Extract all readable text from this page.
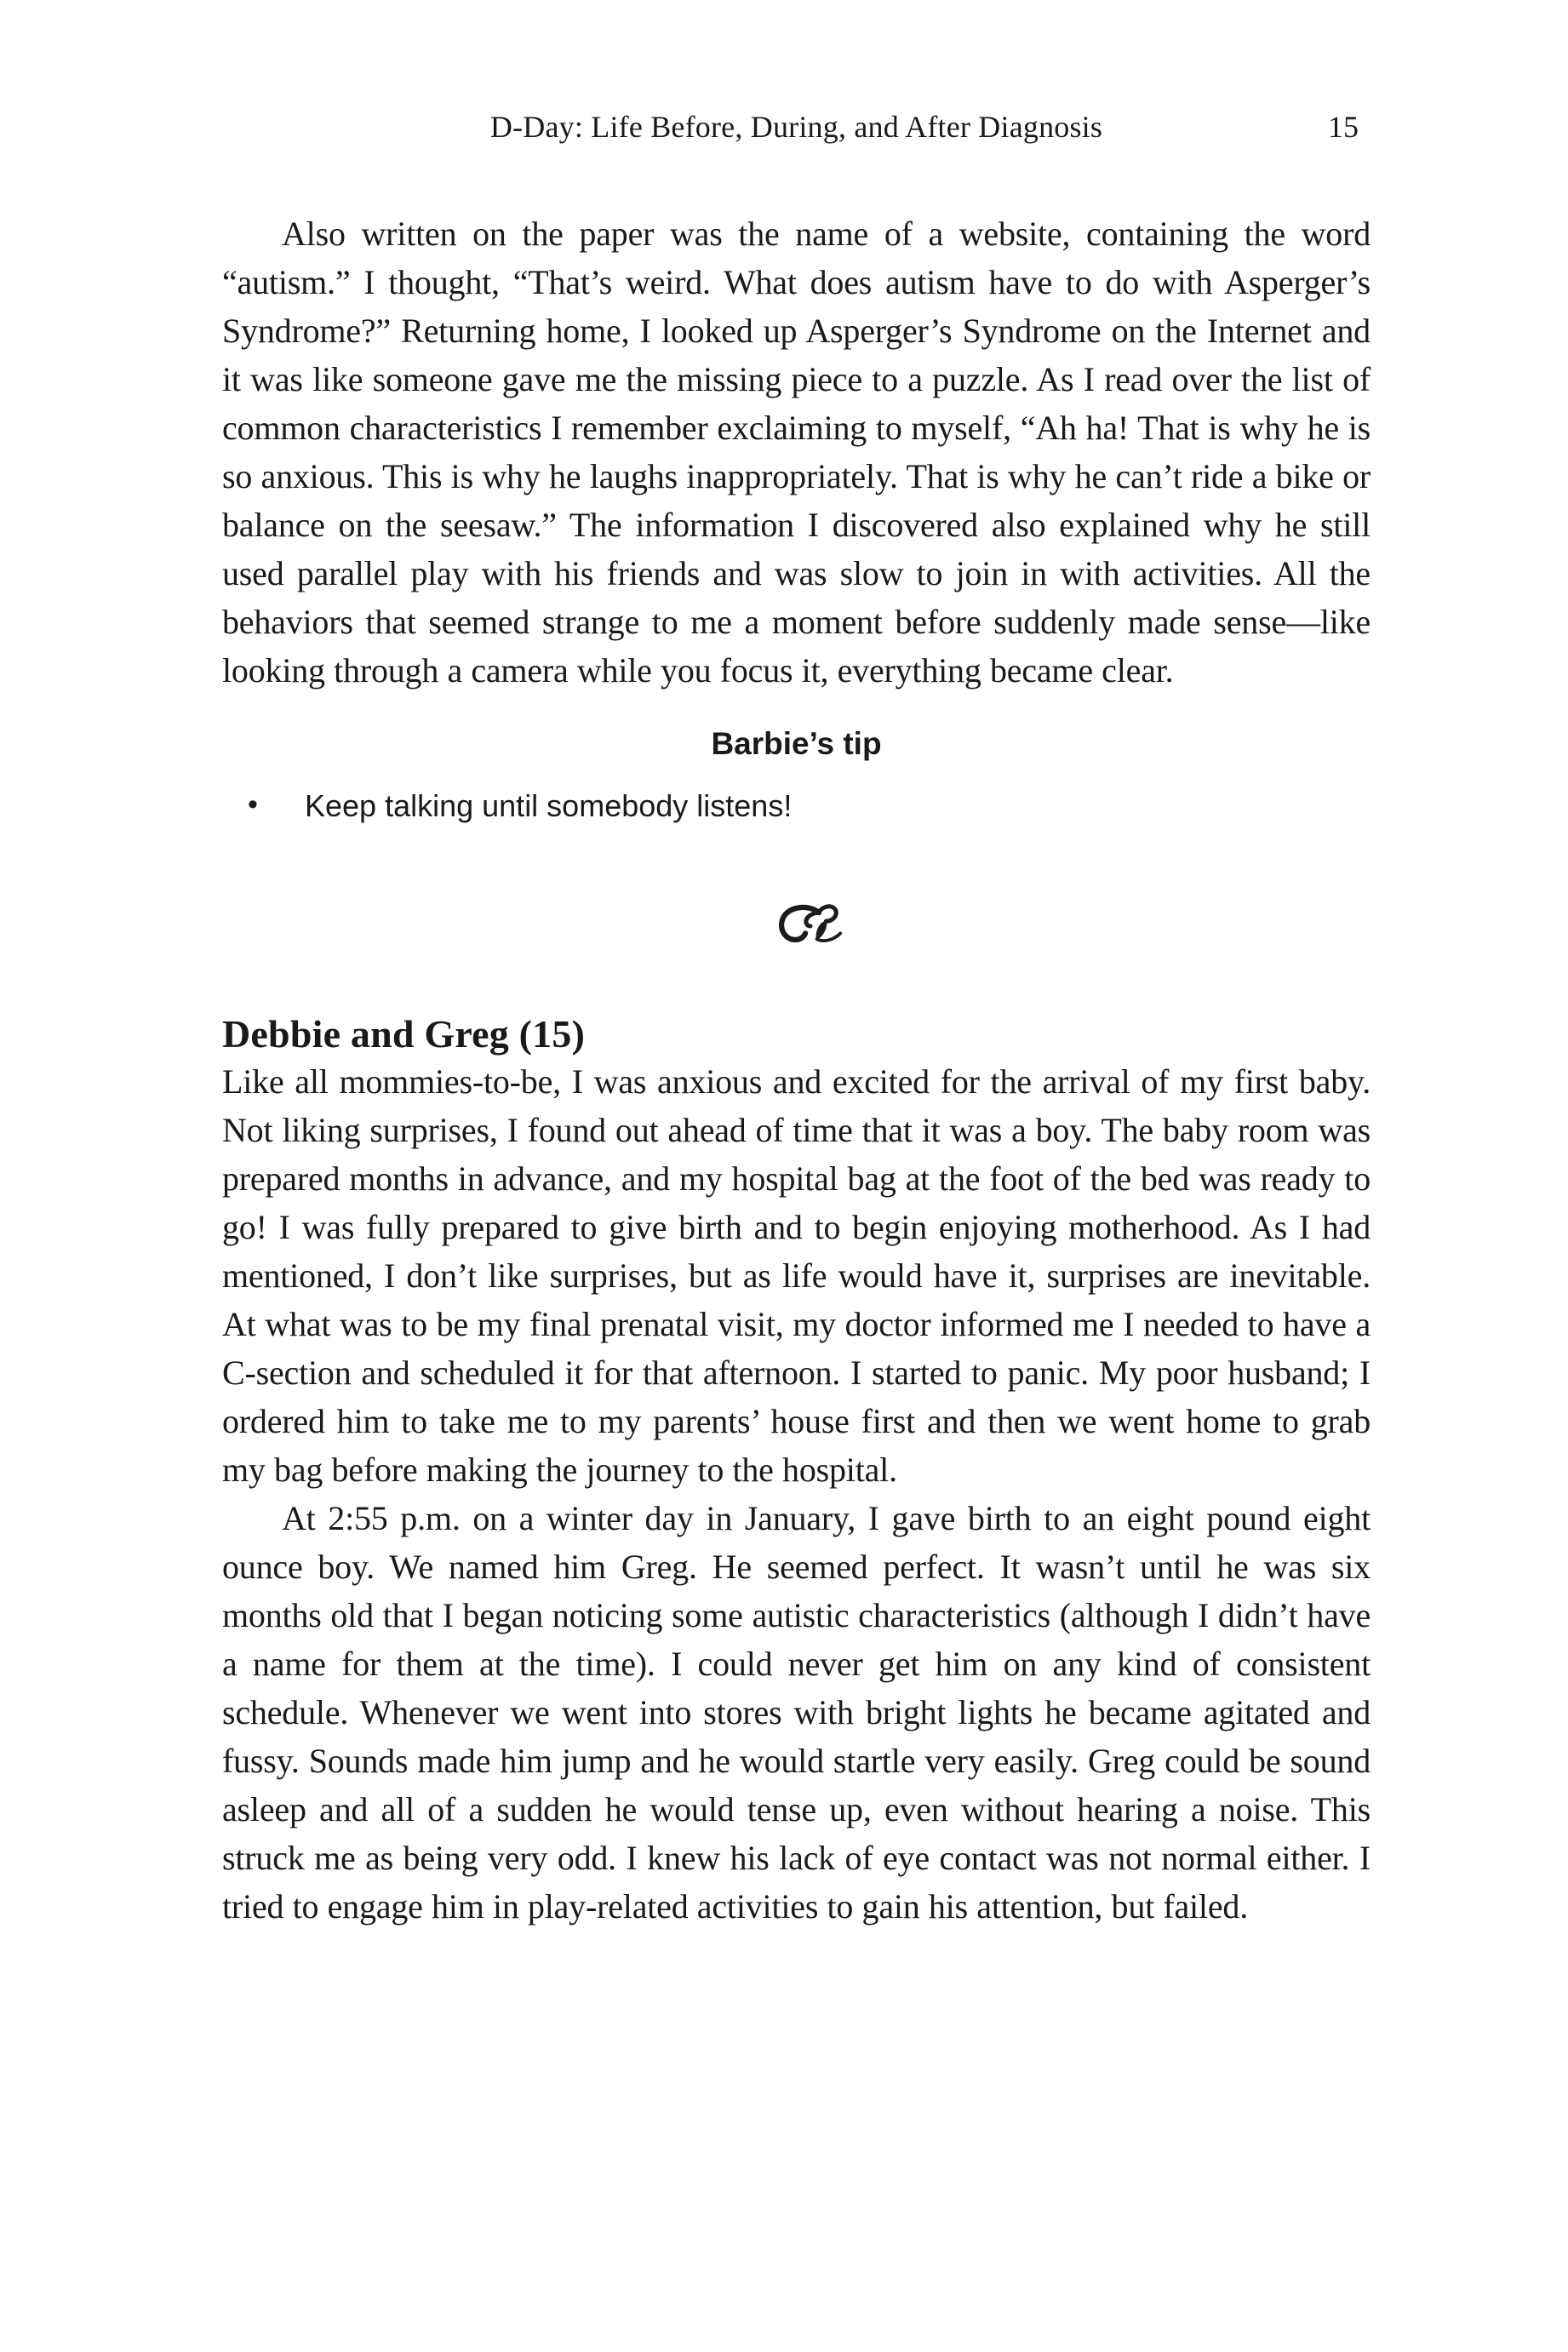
D-Day: Life Before, During, and After Diagnosis	15

Also written on the paper was the name of a website, containing the word “autism.” I thought, “That’s weird. What does autism have to do with Asperger’s Syndrome?” Returning home, I looked up Asperger’s Syndrome on the Internet and it was like someone gave me the missing piece to a puzzle. As I read over the list of common characteristics I remember exclaiming to myself, “Ah ha! That is why he is so anxious. This is why he laughs inappropriately. That is why he can’t ride a bike or balance on the seesaw.” The information I discovered also explained why he still used parallel play with his friends and was slow to join in with activities. All the behaviors that seemed strange to me a moment before suddenly made sense—like looking through a camera while you focus it, everything became clear.

Barbie’s tip
• Keep talking until somebody listens!
Debbie and Greg (15)

Like all mommies-to-be, I was anxious and excited for the arrival of my first baby. Not liking surprises, I found out ahead of time that it was a boy. The baby room was prepared months in advance, and my hospital bag at the foot of the bed was ready to go! I was fully prepared to give birth and to begin enjoying motherhood. As I had mentioned, I don’t like surprises, but as life would have it, surprises are inevitable. At what was to be my final prenatal visit, my doctor informed me I needed to have a C-section and scheduled it for that afternoon. I started to panic. My poor husband; I ordered him to take me to my parents’ house first and then we went home to grab my bag before making the journey to the hospital.

At 2:55 p.m. on a winter day in January, I gave birth to an eight pound eight ounce boy. We named him Greg. He seemed perfect. It wasn’t until he was six months old that I began noticing some autistic characteristics (although I didn’t have a name for them at the time). I could never get him on any kind of consistent schedule. Whenever we went into stores with bright lights he became agitated and fussy. Sounds made him jump and he would startle very easily. Greg could be sound asleep and all of a sudden he would tense up, even without hearing a noise. This struck me as being very odd. I knew his lack of eye contact was not normal either. I tried to engage him in play-related activities to gain his attention, but failed.
